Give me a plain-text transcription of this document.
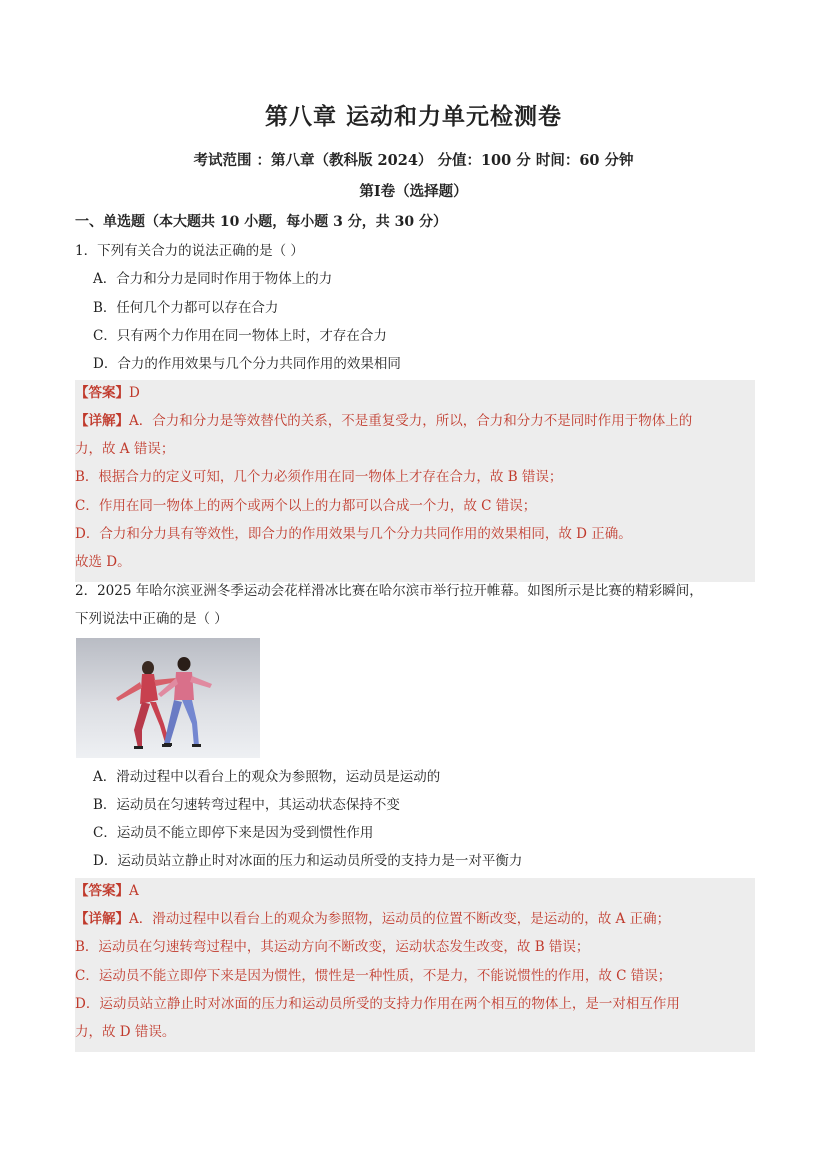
第八章 运动和力单元检测卷
考试范围 ：第八章（教科版 2024） 分值：100 分 时间：60 分钟
第Ⅰ卷（选择题）
一、单选题（本大题共 10 小题，每小题 3 分，共 30 分）
1．下列有关合力的说法正确的是（ ）
A．合力和分力是同时作用于物体上的力
B．任何几个力都可以存在合力
C．只有两个力作用在同一物体上时，才存在合力
D．合力的作用效果与几个分力共同作用的效果相同
【答案】D
【详解】A．合力和分力是等效替代的关系，不是重复受力，所以，合力和分力不是同时作用于物体上的
力，故 A 错误；
B．根据合力的定义可知，几个力必须作用在同一物体上才存在合力，故 B 错误；
C．作用在同一物体上的两个或两个以上的力都可以合成一个力，故 C 错误；
D．合力和分力具有等效性，即合力的作用效果与几个分力共同作用的效果相同，故 D 正确。
故选 D。
2．2025 年哈尔滨亚洲冬季运动会花样滑冰比赛在哈尔滨市举行拉开帷幕。如图所示是比赛的精彩瞬间，
下列说法中正确的是（ ）
A．滑动过程中以看台上的观众为参照物，运动员是运动的
B．运动员在匀速转弯过程中，其运动状态保持不变
C．运动员不能立即停下来是因为受到惯性作用
D．运动员站立静止时对冰面的压力和运动员所受的支持力是一对平衡力
【答案】A
【详解】A．滑动过程中以看台上的观众为参照物，运动员的位置不断改变，是运动的，故 A 正确；
B．运动员在匀速转弯过程中，其运动方向不断改变，运动状态发生改变，故 B 错误；
C．运动员不能立即停下来是因为惯性，惯性是一种性质，不是力，不能说惯性的作用，故 C 错误；
D．运动员站立静止时对冰面的压力和运动员所受的支持力作用在两个相互的物体上，是一对相互作用
力，故 D 错误。
